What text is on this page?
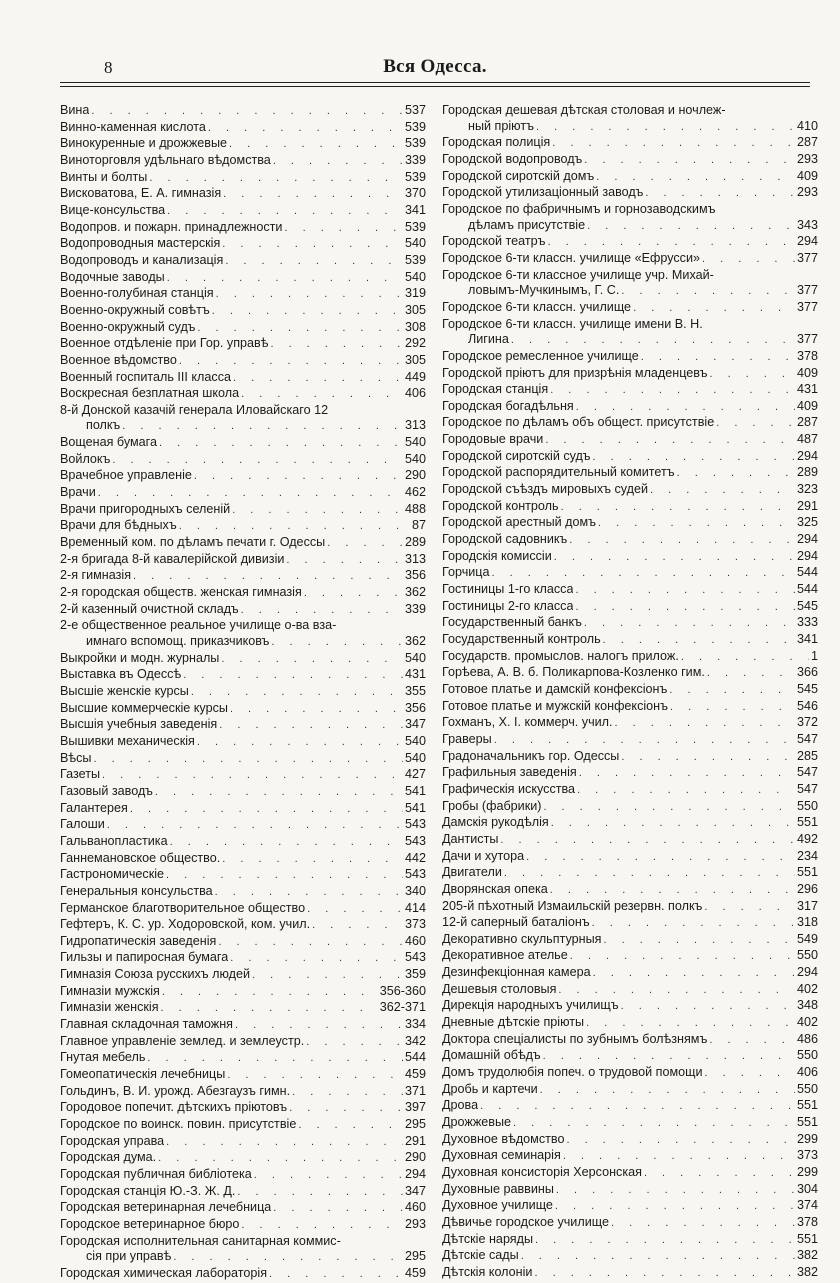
8	Вся Одесса.
Вина . . .	537
Винно-каменная кислота . . .	539
Винокуренные и дрожжевые . . .	539
Виноторговля удѣльнаго вѣдомства . . .	339
Винты и болты . . .	539
Висковатова, Е. А. гимназія . . .	370
Вице-консульства . . .	341
Водопров. и пожарн. принадлежности . . .	539
Водопроводныя мастерскія . . .	540
Водопроводъ и канализація . . .	539
Водочные заводы . . .	540
Военно-голубиная станція . . .	319
Военно-окружный совѣтъ . . .	305
Военно-окружный судъ . . .	308
Военное отдѣленіе при Гор. управѣ . . .	292
Военное вѣдомство . . .	305
Военный госпиталь III класса . . .	449
Воскресная безплатная школа . . .	406
8-й Донской казачій генерала Иловайскаго 12
полкъ . . .	313
Вощеная бумага . . .	540
Войлокъ . . .	540
Врачебное управленіе . . .	290
Врачи . . .	462
Врачи пригородныхъ селеній . . .	488
Врачи для бѣдныхъ . . .	87
Временный ком. по дѣламъ печати г. Одессы . . .	289
2-я бригада 8-й кавалерійской дивизіи . . .	313
2-я гимназія . . .	356
2-я городская обществ. женская гимназія . . .	362
2-й казенный очистной складъ . . .	339
2-е общественное реальное училище о-ва вза-
имнаго вспомощ. приказчиковъ . . .	362
Выкройки и модн. журналы . . .	540
Выставка въ Одессѣ . . .	431
Высшіе женскіе курсы . . .	355
Высшие коммерческіе курсы . . .	356
Высшія учебныя заведенія . . .	347
Вышивки механическія . . .	540
Вѣсы . . .	540
Газеты . . .	427
Газовый заводъ . . .	541
Галантерея . . .	541
Галоши . . .	543
Гальванопластика . . .	543
Ганнемановское общество. . . .	442
Гастрономическіе . . .	543
Генеральныя консульства . . .	340
Германское благотворительное общество . . .	414
Гефтеръ, К. С. ур. Ходоровской, ком. учил. . . .	373
Гидропатическія заведенія . . .	460
Гильзы и папиросная бумага . . .	543
Гимназія Союза русскихъ людей . . .	359
Гимназіи мужскія . . .	356-360
Гимназіи женскія . . .	362-371
Главная складочная таможня . . .	334
Главное управленіе землед. и землеустр. . . .	342
Гнутая мебель . . .	544
Гомеопатическія лечебницы . . .	459
Гольдинъ, В. И. урожд. Абезгаузъ гимн. . . .	371
Городовое попечит. дѣтскихъ пріютовъ . . .	397
Городское по воинск. повин. присутствіе . . .	295
Городская управа . . .	291
Городская дума. . . .	290
Городская публичная библіотека . . .	294
Городская станція Ю.-З. Ж. Д. . . .	347
Городская ветеринарная лечебница . . .	460
Городское ветеринарное бюро . . .	293
Городская исполнительная санитарная коммис-
сія при управѣ . . .	295
Городская химическая лабораторія . . .	459
Городская дешевая дѣтская столовая и ночлеж-
ный пріютъ . . .	410
Городская полиція . . .	287
Городской водопроводъ . . .	293
Городской сиротскій домъ . . .	409
Городской утилизаціонный заводъ . . .	293
Городское по фабричнымъ и горнозаводскимъ
дѣламъ присутствіе . . .	343
Городской театръ . . .	294
Городское 6-ти классн. училище «Ефрусси» . . .	377
Городское 6-ти классное училище учр. Михай-
ловымъ-Мучкинымъ, Г. С. . . .	377
Городское 6-ти классн. училище . . .	377
Городское 6-ти классн. училище имени В. Н.
Лигина . . .	377
Городское ремесленное училище . . .	378
Городской пріютъ для призрѣнія младенцевъ . . .	409
Городская станція . . .	431
Городская богадѣльня . . .	409
Городское по дѣламъ объ общест. присутствіе . . .	287
Городовые врачи . . .	487
Городской сиротскій судъ . . .	294
Городской распорядительный комитетъ . . .	289
Городской съѣздъ мировыхъ судей . . .	323
Городской контроль . . .	291
Городской арестный домъ . . .	325
Городской садовникъ . . .	294
Городскія комиссіи . . .	294
Горчица . . .	544
Гостиницы 1-го класса . . .	544
Гостиницы 2-го класса . . .	545
Государственный банкъ . . .	333
Государственный контроль . . .	341
Государств. промыслов. налогъ прилож. . . .	1
Горѣева, А. В. б. Поликарпова-Козленко гим. . . .	366
Готовое платье и дамскій конфексіонъ . . .	545
Готовое платье и мужскій конфексіонъ . . .	546
Гохманъ, Х. І. коммерч. учил. . . .	372
Граверы . . .	547
Градоначальникъ гор. Одессы . . .	285
Графильныя заведенія . . .	547
Графическія искусства . . .	547
Гробы (фабрики) . . .	550
Дамскія рукодѣлія . . .	551
Дантисты . . .	492
Дачи и хутора . . .	234
Двигатели . . .	551
Дворянская опека . . .	296
205-й пѣхотный Измаильскій резервн. полкъ . . .	317
12-й саперный баталіонъ . . .	318
Декоративно скульптурныя . . .	549
Декоративное ателье . . .	550
Дезинфекціонная камера . . .	294
Дешевыя столовыя . . .	402
Дирекція народныхъ училищъ . . .	348
Дневные дѣтскіе пріюты . . .	402
Доктора спеціалисты по зубнымъ болѣзнямъ . . .	486
Домашній обѣдъ . . .	550
Домъ трудолюбія попеч. о трудовой помощи . . .	406
Дробь и картечи . . .	550
Дрова . . .	551
Дрожжевые . . .	551
Духовное вѣдомство . . .	299
Духовная семинарія . . .	373
Духовная консисторія Херсонская . . .	299
Духовные раввины . . .	304
Духовное училище . . .	374
Дѣвичье городское училище . . .	378
Дѣтскіе наряды . . .	551
Дѣтскіе сады . . .	382
Дѣтскія колоніи . . .	382
